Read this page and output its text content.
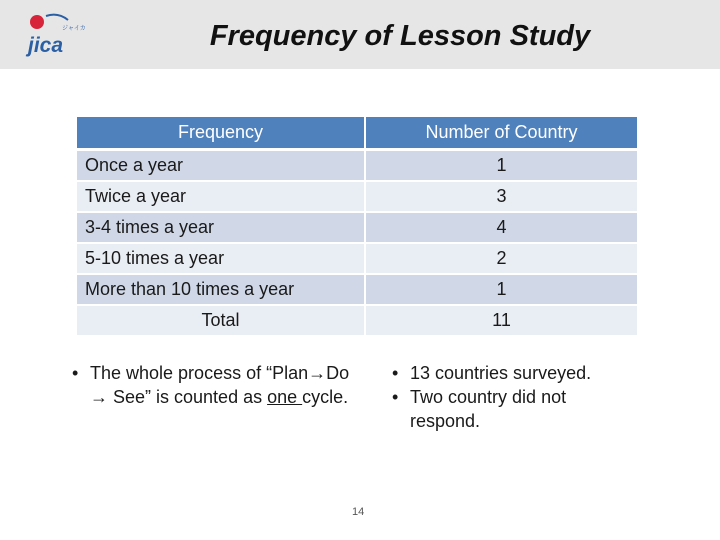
ジャイカ
jica	Frequency of Lesson Study
Frequency	Number of Country
Once a year	1
Twice a year	3
3-4 times a year	4
5-10 times a year	2
More than 10 times a year	1
Total	11
• The whole process of “Plan→Do → See” is counted as one cycle.
• 13 countries surveyed.
• Two country did not respond.
14
